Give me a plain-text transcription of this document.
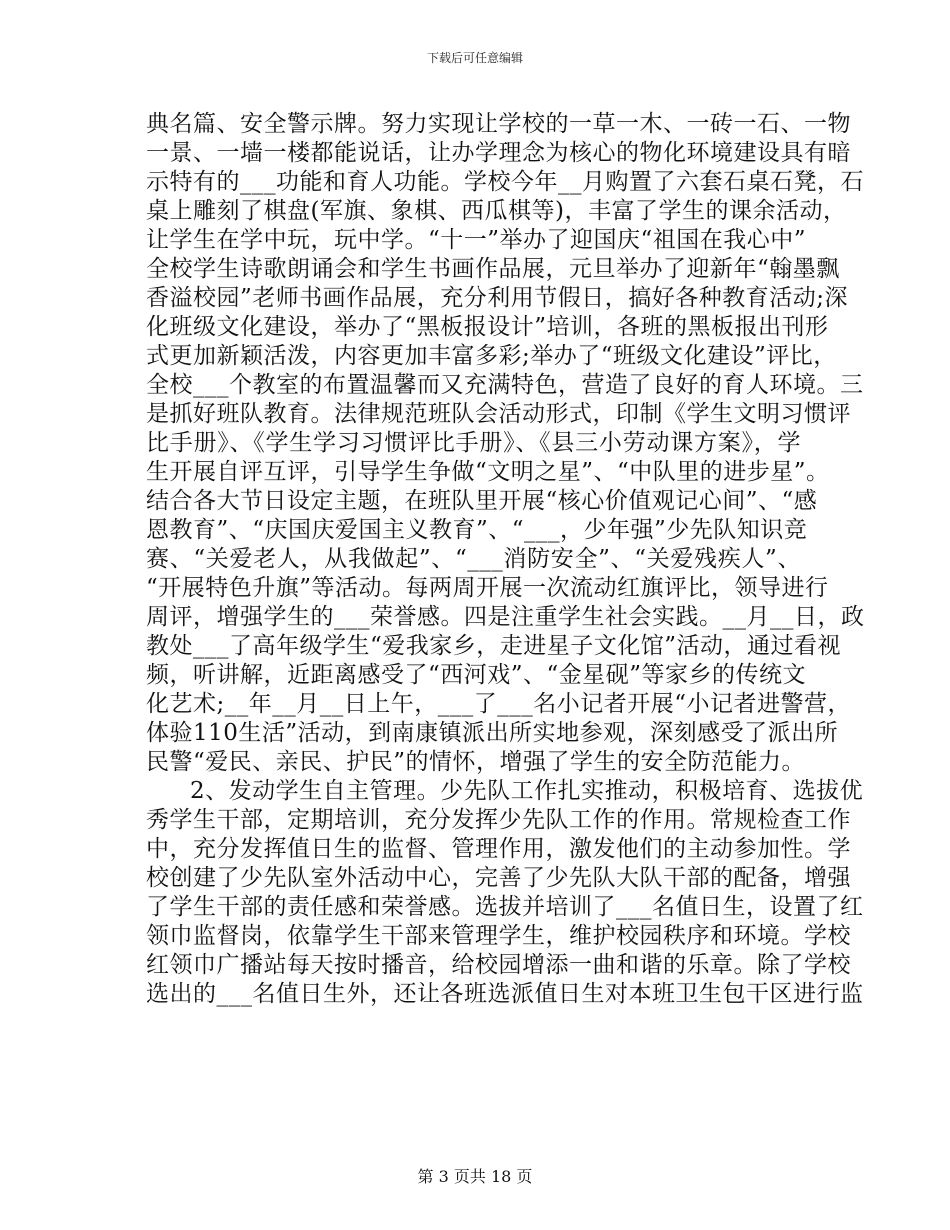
下载后可任意编辑
典名篇、安全警示牌。努力实现让学校的一草一木、一砖一石、一物
一景、一墙一楼都能说话，让办学理念为核心的物化环境建设具有暗
示特有的___功能和育人功能。学校今年__月购置了六套石桌石凳，石
桌上雕刻了棋盘(军旗、象棋、西瓜棋等)，丰富了学生的课余活动，
让学生在学中玩，玩中学。“十一”举办了迎国庆“祖国在我心中”
全校学生诗歌朗诵会和学生书画作品展，元旦举办了迎新年“翰墨飘
香溢校园”老师书画作品展，充分利用节假日，搞好各种教育活动;深
化班级文化建设，举办了“黑板报设计”培训，各班的黑板报出刊形
式更加新颖活泼，内容更加丰富多彩;举办了“班级文化建设”评比，
全校___个教室的布置温馨而又充满特色，营造了良好的育人环境。三
是抓好班队教育。法律规范班队会活动形式，印制《学生文明习惯评
比手册》、《学生学习习惯评比手册》、《县三小劳动课方案》，学
生开展自评互评，引导学生争做“文明之星”、“中队里的进步星”。
结合各大节日设定主题，在班队里开展“核心价值观记心间”、“感
恩教育”、“庆国庆爱国主义教育”、“___，少年强”少先队知识竞
赛、“关爱老人，从我做起”、“___消防安全”、“关爱残疾人”、
“开展特色升旗”等活动。每两周开展一次流动红旗评比，领导进行
周评，增强学生的___荣誉感。四是注重学生社会实践。__月__日，政
教处___了高年级学生“爱我家乡，走进星子文化馆”活动，通过看视
频，听讲解，近距离感受了“西河戏”、“金星砚”等家乡的传统文
化艺术;__年__月__日上午，___了___名小记者开展“小记者进警营，
体验110生活”活动，到南康镇派出所实地参观，深刻感受了派出所
民警“爱民、亲民、护民”的情怀，增强了学生的安全防范能力。
2、发动学生自主管理。少先队工作扎实推动，积极培育、选拔优
秀学生干部，定期培训，充分发挥少先队工作的作用。常规检查工作
中，充分发挥值日生的监督、管理作用，激发他们的主动参加性。学
校创建了少先队室外活动中心，完善了少先队大队干部的配备，增强
了学生干部的责任感和荣誉感。选拔并培训了___名值日生，设置了红
领巾监督岗，依靠学生干部来管理学生，维护校园秩序和环境。学校
红领巾广播站每天按时播音，给校园增添一曲和谐的乐章。除了学校
选出的___名值日生外，还让各班选派值日生对本班卫生包干区进行监
第 3 页共 18 页
